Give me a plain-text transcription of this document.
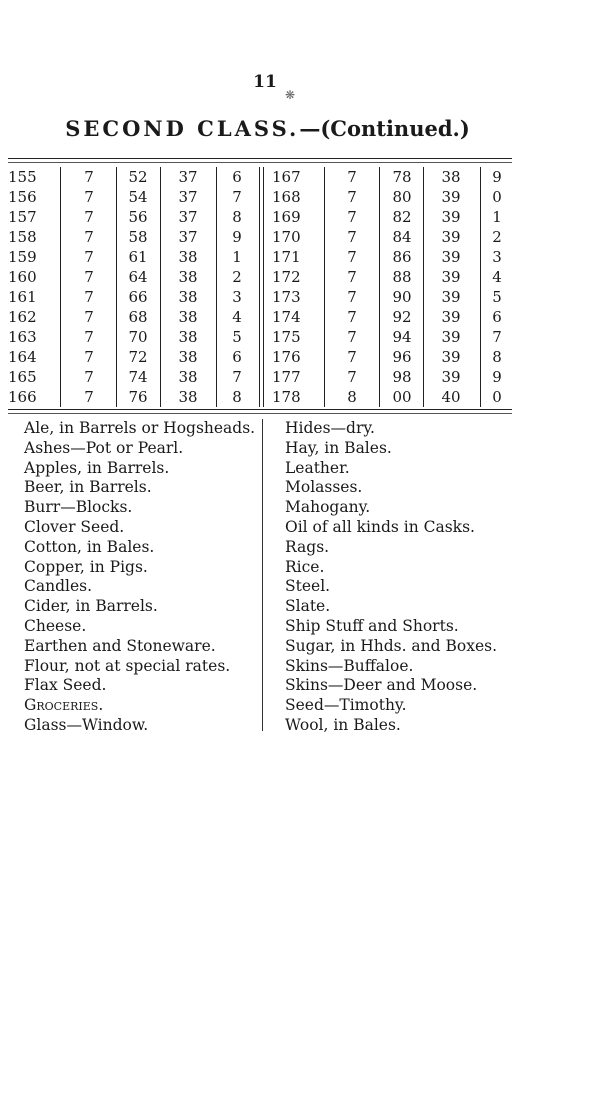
11
❋
SECOND CLASS.—(Continued.)
155	7	52	37	6	167	7	78	38	9
156	7	54	37	7	168	7	80	39	0
157	7	56	37	8	169	7	82	39	1
158	7	58	37	9	170	7	84	39	2
159	7	61	38	1	171	7	86	39	3
160	7	64	38	2	172	7	88	39	4
161	7	66	38	3	173	7	90	39	5
162	7	68	38	4	174	7	92	39	6
163	7	70	38	5	175	7	94	39	7
164	7	72	38	6	176	7	96	39	8
165	7	74	38	7	177	7	98	39	9
166	7	76	38	8	178	8	00	40	0
Ale, in Barrels or Hogsheads.
Ashes—Pot or Pearl.
Apples, in Barrels.
Beer, in Barrels.
Burr—Blocks.
Clover Seed.
Cotton, in Bales.
Copper, in Pigs.
Candles.
Cider, in Barrels.
Cheese.
Earthen and Stoneware.
Flour, not at special rates.
Flax Seed.
Groceries.
Glass—Window.
Hides—dry.
Hay, in Bales.
Leather.
Molasses.
Mahogany.
Oil of all kinds in Casks.
Rags.
Rice.
Steel.
Slate.
Ship Stuff and Shorts.
Sugar, in Hhds. and Boxes.
Skins—Buffaloe.
Skins—Deer and Moose.
Seed—Timothy.
Wool, in Bales.
